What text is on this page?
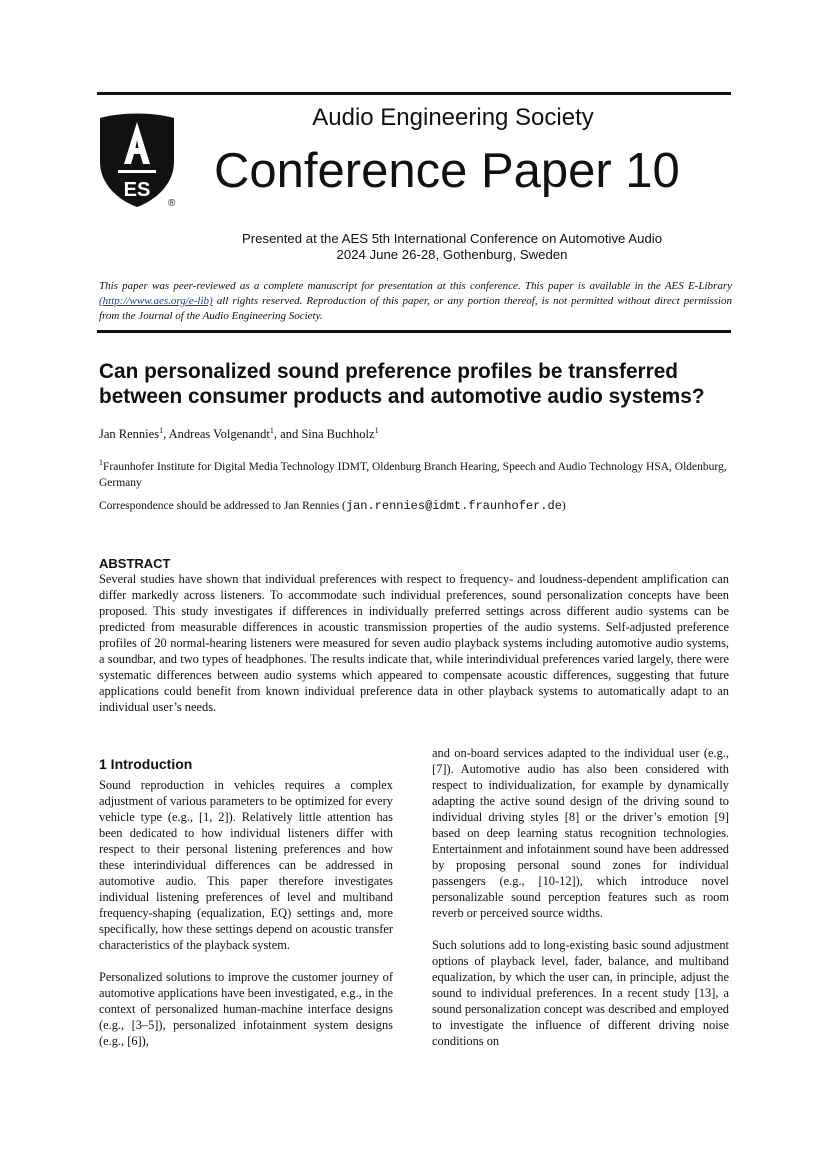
ES
®
Audio Engineering Society
Conference Paper 10
Presented at the AES 5th International Conference on Automotive Audio
2024 June 26-28, Gothenburg, Sweden
This paper was peer-reviewed as a complete manuscript for presentation at this conference. This paper is available in the AES E-Library (http://www.aes.org/e-lib) all rights reserved. Reproduction of this paper, or any portion thereof, is not permitted without direct permission from the Journal of the Audio Engineering Society.
Can personalized sound preference profiles be transferred between consumer products and automotive audio systems?
Jan Rennies$^1$, Andreas Volgenandt$^1$, and Sina Buchholz$^1$
$^1$Fraunhofer Institute for Digital Media Technology IDMT, Oldenburg Branch Hearing, Speech and Audio Technology HSA, Oldenburg, Germany
Correspondence should be addressed to Jan Rennies (jan.rennies@idmt.fraunhofer.de)
ABSTRACT
Several studies have shown that individual preferences with respect to frequency- and loudness-dependent amplification can differ markedly across listeners. To accommodate such individual preferences, sound personalization concepts have been proposed. This study investigates if differences in individually preferred settings across different audio systems can be predicted from measurable differences in acoustic transmission properties of the audio systems. Self-adjusted preference profiles of 20 normal-hearing listeners were measured for seven audio playback systems including automotive audio systems, a soundbar, and two types of headphones. The results indicate that, while interindividual preferences varied largely, there were systematic differences between audio systems which appeared to compensate acoustic differences, suggesting that future applications could benefit from known individual preference data in other playback systems to automatically adapt to an individual user’s needs.
1 Introduction

Sound reproduction in vehicles requires a complex adjustment of various parameters to be optimized for every vehicle type (e.g., [1, 2]). Relatively little attention has been dedicated to how individual listeners differ with respect to their personal listening preferences and how these interindividual differences can be addressed in automotive audio. This paper therefore investigates individual listening preferences of level and multiband frequency-shaping (equalization, EQ) settings and, more specifically, how these settings depend on acoustic transfer characteristics of the playback system.

Personalized solutions to improve the customer journey of automotive applications have been investigated, e.g., in the context of personalized human-machine interface designs (e.g., [3–5]), personalized infotainment system designs (e.g., [6]),

and on-board services adapted to the individual user (e.g., [7]). Automotive audio has also been considered with respect to individualization, for example by dynamically adapting the active sound design of the driving sound to individual driving styles [8] or the driver’s emotion [9] based on deep learning status recognition technologies. Entertainment and infotainment sound have been addressed by proposing personal sound zones for individual passengers (e.g., [10-12]), which introduce novel personalizable sound perception features such as room reverb or perceived source widths.

Such solutions add to long-existing basic sound adjustment options of playback level, fader, balance, and multiband equalization, by which the user can, in principle, adjust the sound to individual preferences. In a recent study [13], a sound personalization concept was described and employed to investigate the influence of different driving noise conditions on
